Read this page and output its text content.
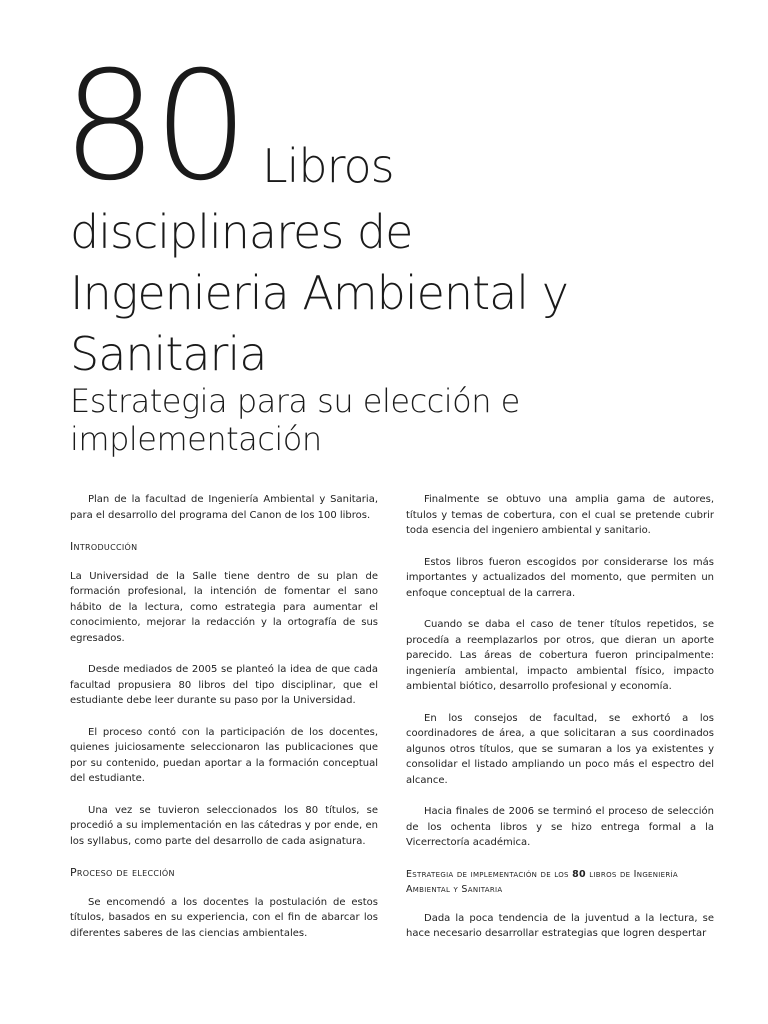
80 Libros
disciplinares de
Ingenieria Ambiental y
Sanitaria
Estrategia para su elección e implementación

Plan de la facultad de Ingeniería Ambiental y Sanitaria, para el desarrollo del programa del Canon de los 100 libros.

Introducción

La Universidad de la Salle tiene dentro de su plan de formación profesional, la intención de fomentar el sano hábito de la lectura, como estrategia para aumentar el conocimiento, mejorar la redacción y la ortografía de sus egresados.

Desde mediados de 2005 se planteó la idea de que cada facultad propusiera 80 libros del tipo disciplinar, que el estudiante debe leer durante su paso por la Universidad.

El proceso contó con la participación de los docentes, quienes juiciosamente seleccionaron las publicaciones que por su contenido, puedan aportar a la formación conceptual del estudiante.

Una vez se tuvieron seleccionados los 80 títulos, se procedió a su implementación en las cátedras y por ende, en los syllabus, como parte del desarrollo de cada asignatura.

Proceso de elección

Se encomendó a los docentes la postulación de estos títulos, basados en su experiencia, con el fin de abarcar los diferentes saberes de las ciencias ambientales.

Finalmente se obtuvo una amplia gama de autores, títulos y temas de cobertura, con el cual se pretende cubrir toda esencia del ingeniero ambiental y sanitario.

Estos libros fueron escogidos por considerarse los más importantes y actualizados del momento, que permiten un enfoque conceptual de la carrera.

Cuando se daba el caso de tener títulos repetidos, se procedía a reemplazarlos por otros, que dieran un aporte parecido. Las áreas de cobertura fueron principalmente: ingeniería ambiental, impacto ambiental físico, impacto ambiental biótico, desarrollo profesional y economía.

En los consejos de facultad, se exhortó a los coordinadores de área, a que solicitaran a sus coordinados algunos otros títulos, que se sumaran a los ya existentes y consolidar el listado ampliando un poco más el espectro del alcance.

Hacia finales de 2006 se terminó el proceso de selección de los ochenta libros y se hizo entrega formal a la Vicerrectoría académica.

Estrategia de implementación de los 80 libros de Ingeniería Ambiental y Sanitaria

Dada la poca tendencia de la juventud a la lectura, se hace necesario desarrollar estrategias que logren despertar
